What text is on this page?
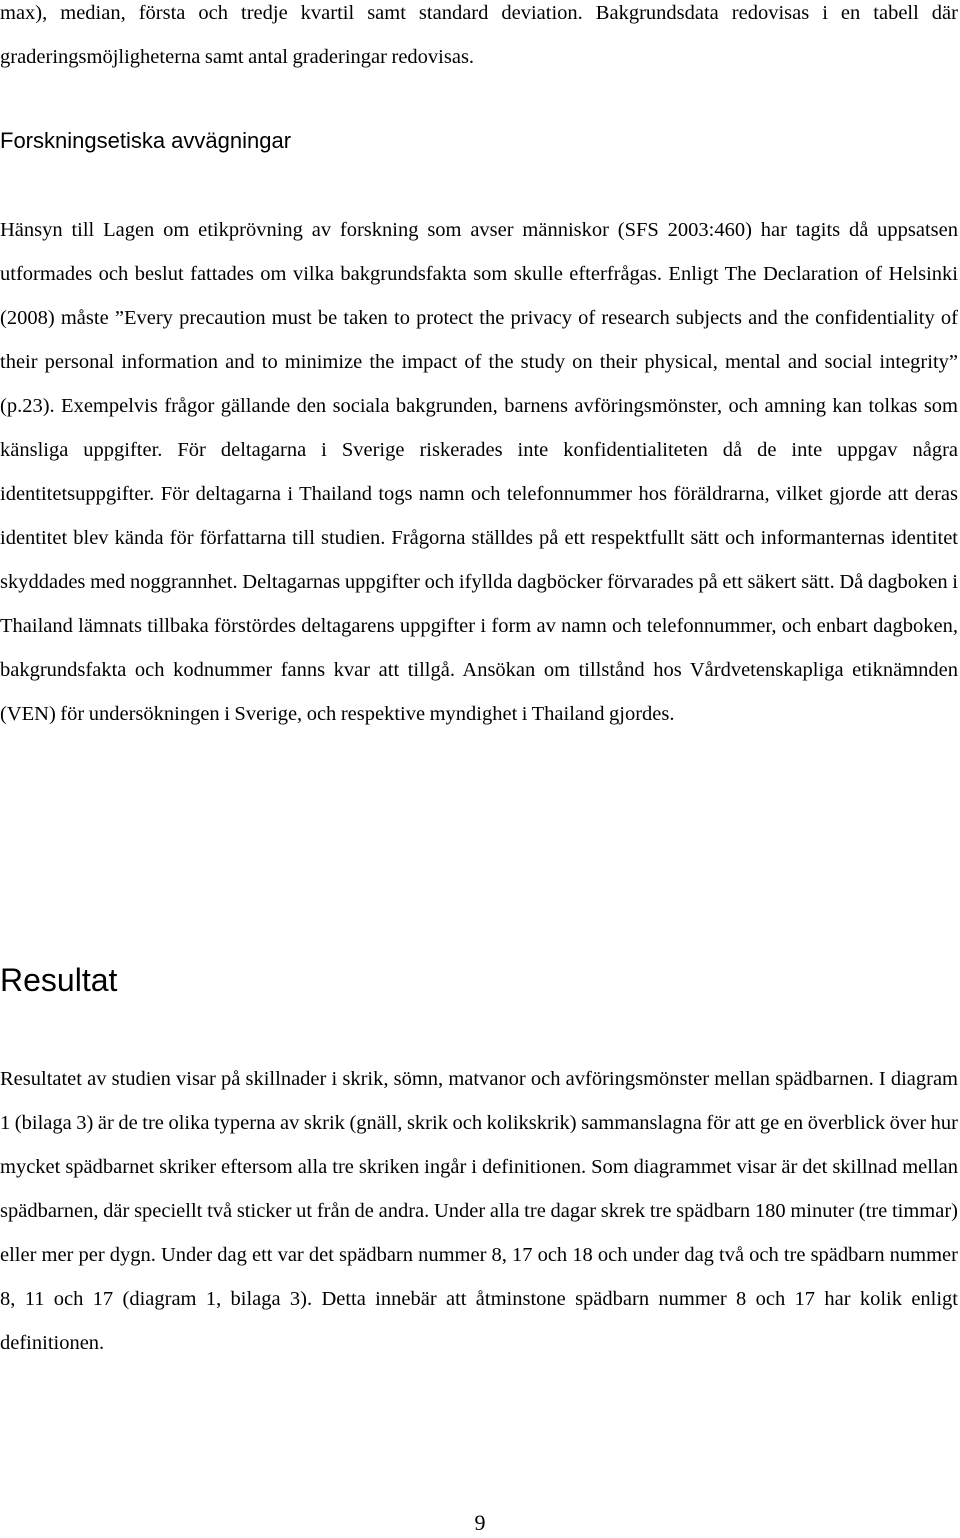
max), median, första och tredje kvartil samt standard deviation. Bakgrundsdata redovisas i en tabell där graderingsmöjligheterna samt antal graderingar redovisas.

Forskningsetiska avvägningar

Hänsyn till Lagen om etikprövning av forskning som avser människor (SFS 2003:460) har tagits då uppsatsen utformades och beslut fattades om vilka bakgrundsfakta som skulle efterfrågas. Enligt The Declaration of Helsinki (2008) måste ”Every precaution must be taken to protect the privacy of research subjects and the confidentiality of their personal information and to minimize the impact of the study on their physical, mental and social integrity” (p.23). Exempelvis frågor gällande den sociala bakgrunden, barnens avföringsmönster, och amning kan tolkas som känsliga uppgifter. För deltagarna i Sverige riskerades inte konfidentialiteten då de inte uppgav några identitetsuppgifter. För deltagarna i Thailand togs namn och telefonnummer hos föräldrarna, vilket gjorde att deras identitet blev kända för författarna till studien. Frågorna ställdes på ett respektfullt sätt och informanternas identitet skyddades med noggrannhet. Deltagarnas uppgifter och ifyllda dagböcker förvarades på ett säkert sätt. Då dagboken i Thailand lämnats tillbaka förstördes deltagarens uppgifter i form av namn och telefonnummer, och enbart dagboken, bakgrundsfakta och kodnummer fanns kvar att tillgå. Ansökan om tillstånd hos Vårdvetenskapliga etiknämnden (VEN) för undersökningen i Sverige, och respektive myndighet i Thailand gjordes.

Resultat

Resultatet av studien visar på skillnader i skrik, sömn, matvanor och avföringsmönster mellan spädbarnen. I diagram 1 (bilaga 3) är de tre olika typerna av skrik (gnäll, skrik och kolikskrik) sammanslagna för att ge en överblick över hur mycket spädbarnet skriker eftersom alla tre skriken ingår i definitionen. Som diagrammet visar är det skillnad mellan spädbarnen, där speciellt två sticker ut från de andra. Under alla tre dagar skrek tre spädbarn 180 minuter (tre timmar) eller mer per dygn. Under dag ett var det spädbarn nummer 8, 17 och 18 och under dag två och tre spädbarn nummer 8, 11 och 17 (diagram 1, bilaga 3). Detta innebär att åtminstone spädbarn nummer 8 och 17 har kolik enligt definitionen.

9
